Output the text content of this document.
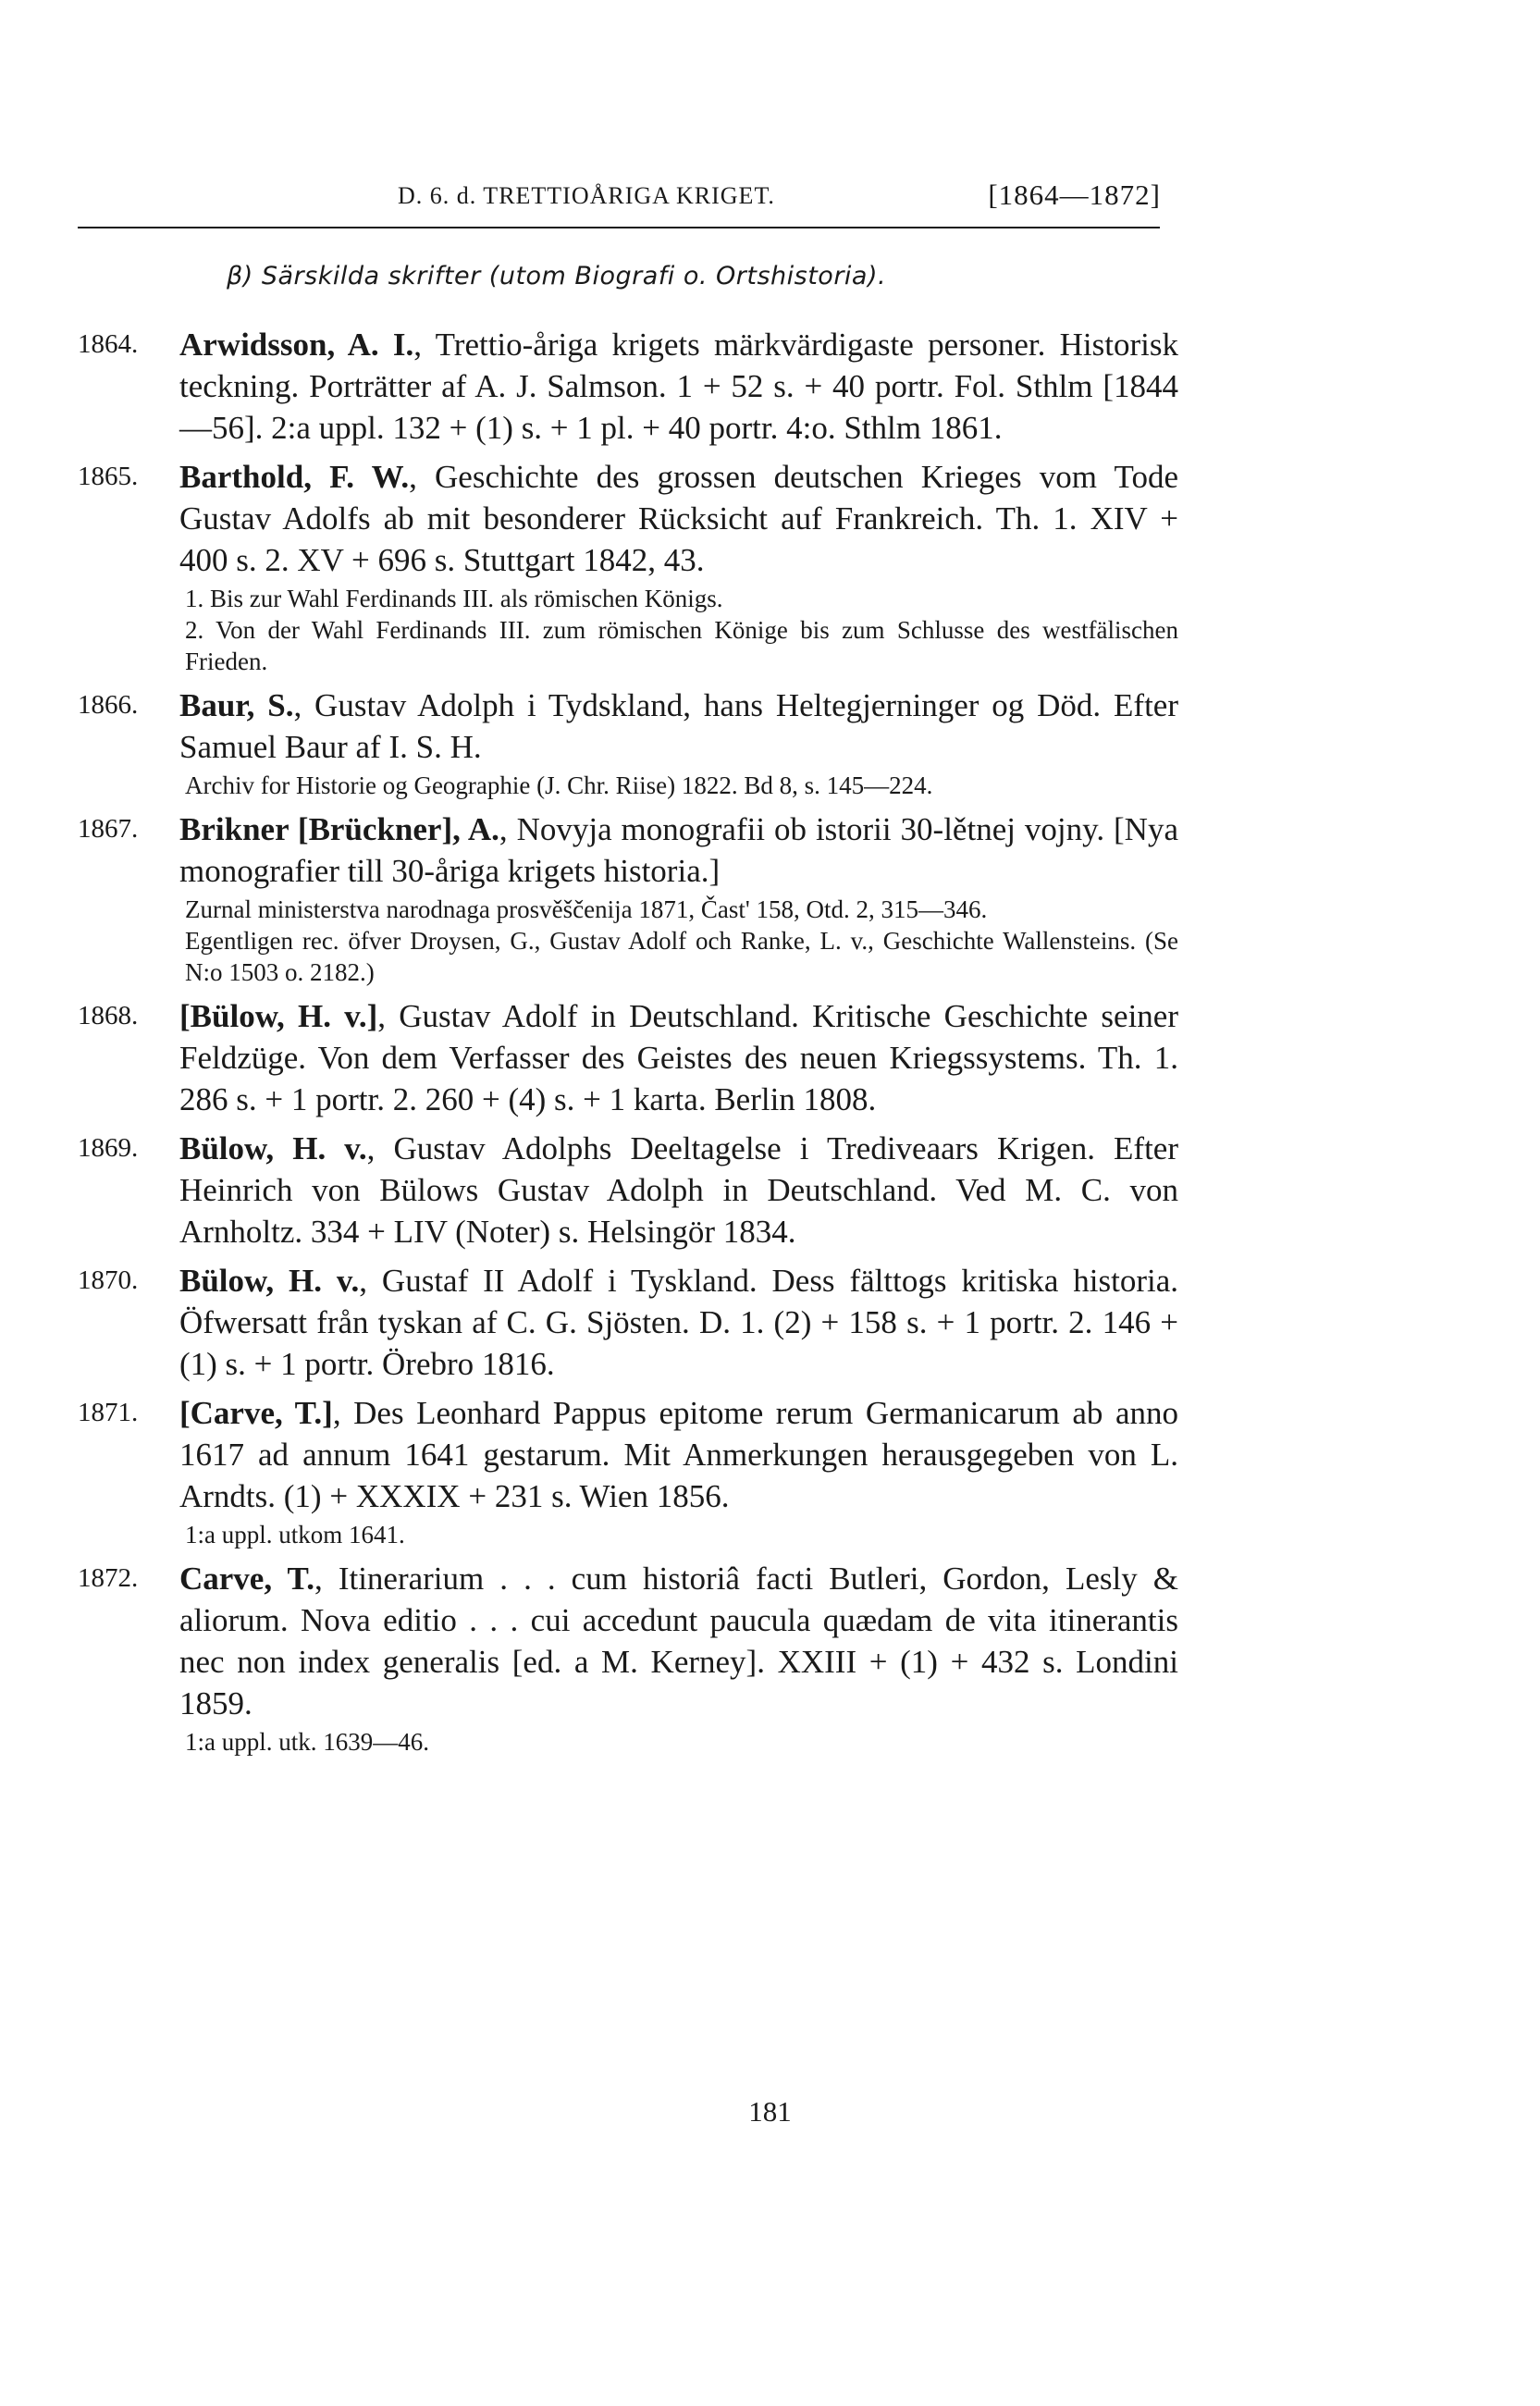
D. 6. d. TRETTIOÅRIGA KRIGET.	[1864—1872]
β) Särskilda skrifter (utom Biografi o. Ortshistoria).
1864.	Arwidsson, A. I., Trettio-åriga krigets märkvärdigaste personer. Historisk teckning. Porträtter af A. J. Salmson. 1 + 52 s. + 40 portr. Fol. Sthlm [1844—56]. 2:a uppl. 132 + (1) s. + 1 pl. + 40 portr. 4:o. Sthlm 1861.
1865.	Barthold, F. W., Geschichte des grossen deutschen Krieges vom Tode Gustav Adolfs ab mit besonderer Rücksicht auf Frankreich. Th. 1. XIV + 400 s. 2. XV + 696 s. Stuttgart 1842, 43.
1. Bis zur Wahl Ferdinands III. als römischen Königs.
2. Von der Wahl Ferdinands III. zum römischen Könige bis zum Schlusse des westfälischen Frieden.
1866.	Baur, S., Gustav Adolph i Tydskland, hans Heltegjerninger og Död. Efter Samuel Baur af I. S. H.
Archiv for Historie og Geographie (J. Chr. Riise) 1822. Bd 8, s. 145—224.
1867.	Brikner [Brückner], A., Novyja monografii ob istorii 30-lětnej vojny. [Nya monografier till 30-åriga krigets historia.]
Zurnal ministerstva narodnaga prosvěščenija 1871, Čast' 158, Otd. 2, 315—346.
Egentligen rec. öfver Droysen, G., Gustav Adolf och Ranke, L. v., Geschichte Wallensteins. (Se N:o 1503 o. 2182.)
1868.	[Bülow, H. v.], Gustav Adolf in Deutschland. Kritische Geschichte seiner Feldzüge. Von dem Verfasser des Geistes des neuen Kriegssystems. Th. 1. 286 s. + 1 portr. 2. 260 + (4) s. + 1 karta. Berlin 1808.
1869.	Bülow, H. v., Gustav Adolphs Deeltagelse i Trediveaars Krigen. Efter Heinrich von Bülows Gustav Adolph in Deutschland. Ved M. C. von Arnholtz. 334 + LIV (Noter) s. Helsingör 1834.
1870.	Bülow, H. v., Gustaf II Adolf i Tyskland. Dess fälttogs kritiska historia. Öfwersatt från tyskan af C. G. Sjösten. D. 1. (2) + 158 s. + 1 portr. 2. 146 + (1) s. + 1 portr. Örebro 1816.
1871.	[Carve, T.], Des Leonhard Pappus epitome rerum Germanicarum ab anno 1617 ad annum 1641 gestarum. Mit Anmerkungen herausgegeben von L. Arndts. (1) + XXXIX + 231 s. Wien 1856.
1:a uppl. utkom 1641.
1872.	Carve, T., Itinerarium . . . cum historiâ facti Butleri, Gordon, Lesly & aliorum. Nova editio . . . cui accedunt paucula quædam de vita itinerantis nec non index generalis [ed. a M. Kerney]. XXIII + (1) + 432 s. Londini 1859.
1:a uppl. utk. 1639—46.
181
